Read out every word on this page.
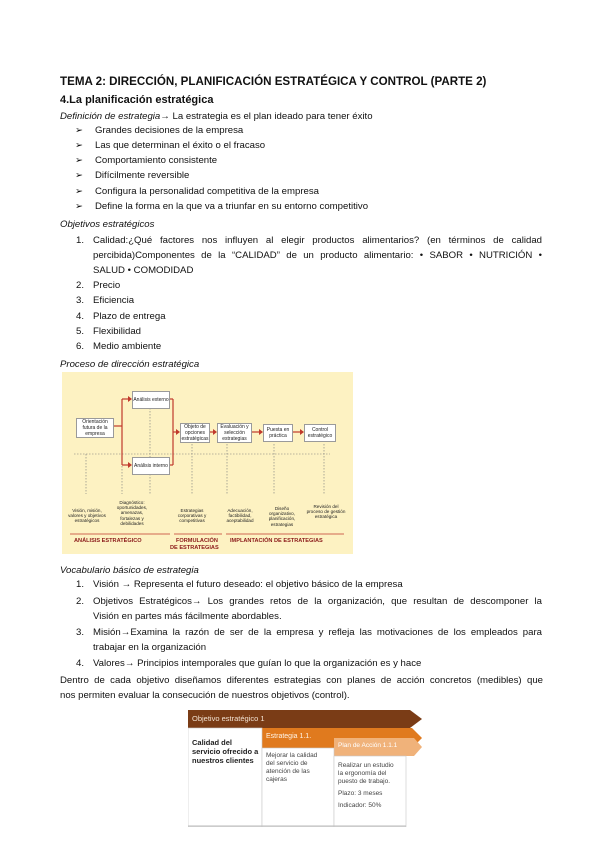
TEMA 2: DIRECCIÓN, PLANIFICACIÓN ESTRATÉGICA Y CONTROL (PARTE 2)
4.La planificación estratégica
Definición de estrategia→ La estrategia es el plan ideado para tener éxito
➢ Grandes decisiones de la empresa
➢ Las que determinan el éxito o el fracaso
➢ Comportamiento consistente
➢ Difícilmente reversible
➢ Configura la personalidad competitiva de la empresa
➢ Define la forma en la que va a triunfar en su entorno competitivo
Objetivos estratégicos
1. Calidad:¿Qué factores nos influyen al elegir productos alimentarios? (en términos de calidad
percibida)Componentes de la “CALIDAD” de un producto alimentario: • SABOR • NUTRICIÓN •
SALUD • COMODIDAD
2. Precio
3. Eficiencia
4. Plazo de entrega
5. Flexibilidad
6. Medio ambiente
Proceso de dirección estratégica
Orientación futura de la empresa
Análisis externo
Análisis interno
Objeto de opciones estratégicas
Evaluación y selección estrategias
Puesta en práctica
Control estratégico
Visión, misión, valores y objetivos estratégicos
Diagnóstico: oportunidades, amenazas, fortalezas y debilidades
Estrategias corporativas y competitivas
Adecuación, factibilidad, aceptabilidad
Diseño organizativo, planificación, estrategias
Revisión del proceso de gestión estratégica
ANÁLISIS ESTRATÉGICO	FORMULACIÓN
DE ESTRATEGIAS
IMPLANTACIÓN DE ESTRATEGIAS
Vocabulario básico de estrategia
1. Visión → Representa el futuro deseado: el objetivo básico de la empresa
2. Objetivos Estratégicos→ Los grandes retos de la organización, que resultan de descomponer la
Visión en partes más fácilmente abordables.
3. Misión→Examina la razón de ser de la empresa y refleja las motivaciones de los empleados para
trabajar en la organización
4. Valores→ Principios intemporales que guían lo que la organización es y hace
Dentro de cada objetivo diseñamos diferentes estrategias con planes de acción concretos (medibles) que
nos permiten evaluar la consecución de nuestros objetivos (control).
Objetivo estratégico 1
Estrategia 1.1.
Plan de Acción 1.1.1
Calidad del
servicio ofrecido a
nuestros clientes
Mejorar la calidad
del servicio de
atención de las
cajeras
Realizar un estudio
la ergonomía del
puesto de trabajo.
Plazo: 3 meses
Indicador: 50%
